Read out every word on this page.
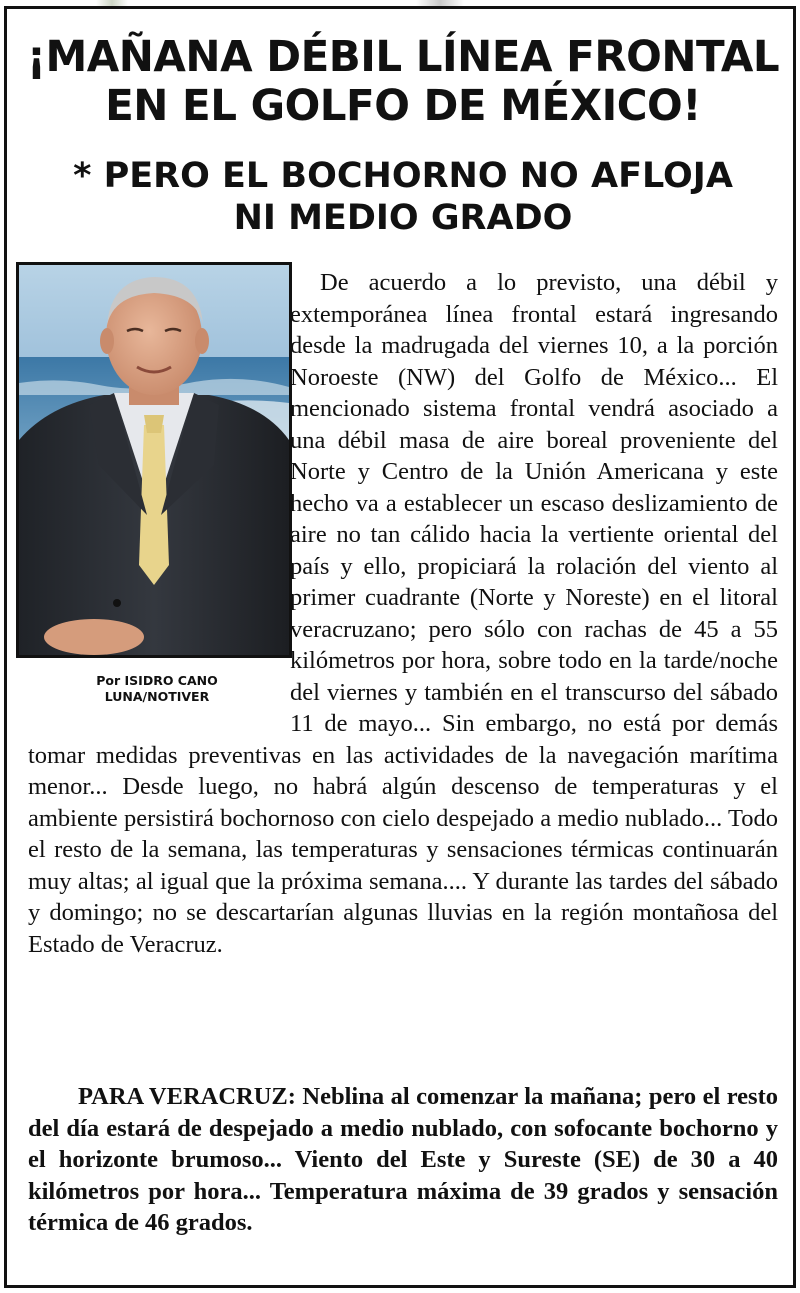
¡MAÑANA DÉBIL LÍNEA FRONTAL
EN EL GOLFO DE MÉXICO!
* PERO EL BOCHORNO NO AFLOJA
NI MEDIO GRADO
Por ISIDRO CANO
LUNA/NOTIVER

De acuerdo a lo previsto, una débil y extemporánea línea frontal estará ingresando desde la madrugada del viernes 10, a la porción Noroeste (NW) del Golfo de México... El mencionado sistema frontal vendrá asociado a una débil masa de aire boreal proveniente del Norte y Centro de la Unión Americana y este hecho va a establecer un escaso deslizamiento de aire no tan cálido hacia la vertiente oriental del país y ello, propiciará la rolación del viento al primer cuadrante (Norte y Noreste) en el litoral veracruzano; pero sólo con rachas de 45 a 55 kilómetros por hora, sobre todo en la tarde/noche del viernes y también en el transcurso del sábado 11 de mayo... Sin embargo, no está por demás tomar medidas preventivas en las actividades de la navegación marítima menor... Desde luego, no habrá algún descenso de temperaturas y el ambiente persistirá bochornoso con cielo despejado a medio nublado... Todo el resto de la semana, las temperaturas y sensaciones térmicas continuarán muy altas; al igual que la próxima semana.... Y durante las tardes del sábado y domingo; no se descartarían algunas lluvias en la región montañosa del Estado de Veracruz.

PARA VERACRUZ: Neblina al comenzar la mañana; pero el resto del día estará de despejado a medio nublado, con sofocante bochorno y el horizonte brumoso... Viento del Este y Sureste (SE) de 30 a 40 kilómetros por hora... Temperatura máxima de 39 grados y sensación térmica de 46 grados.
